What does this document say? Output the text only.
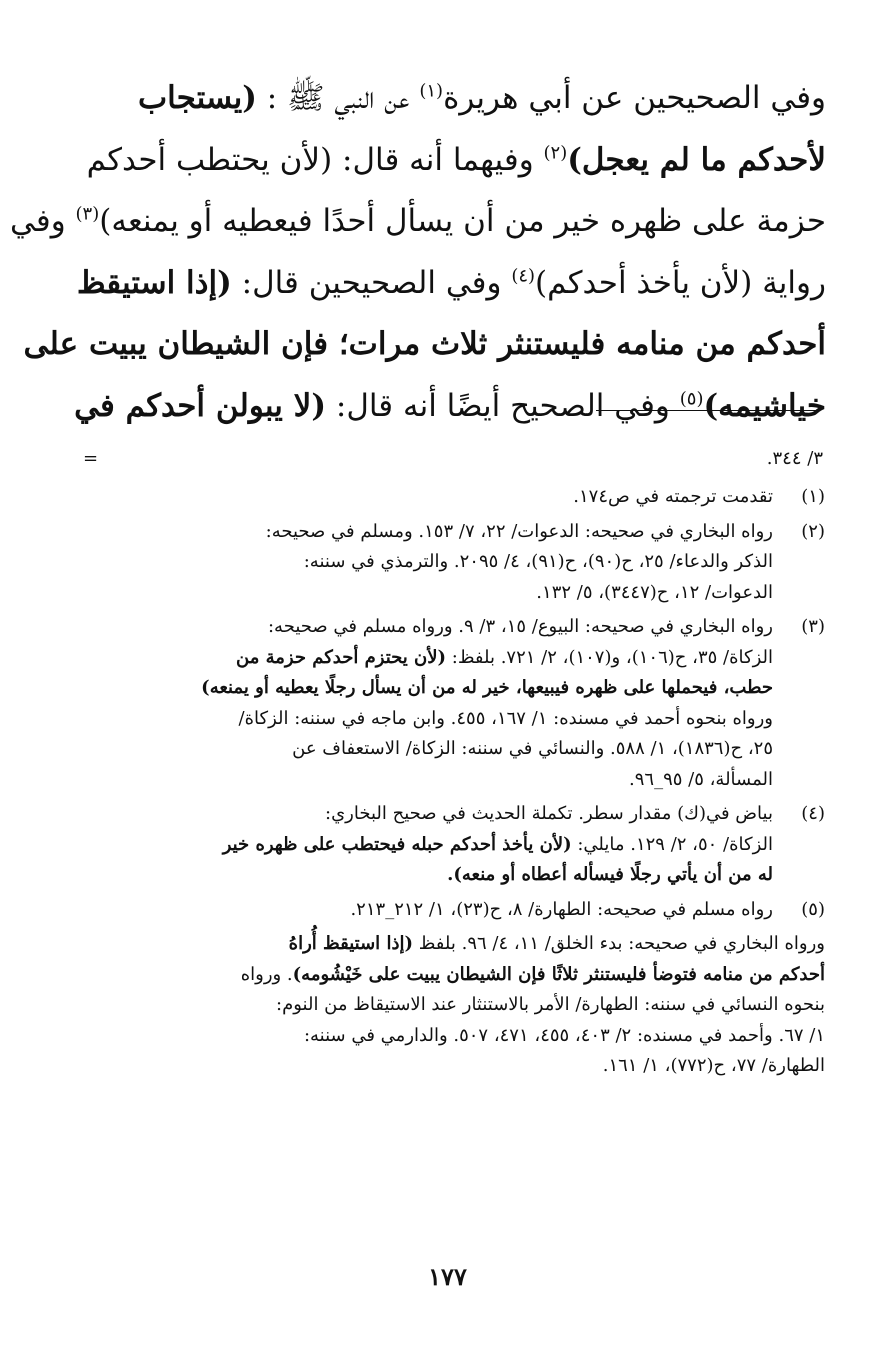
وفي الصحيحين عن أبي هريرة$^{(١)}$ عن النبي ﷺ : (يستجاب
لأحدكم ما لم يعجل)$^{(٢)}$ وفيهما أنه قال: (لأن يحتطب أحدكم
حزمة على ظهره خير من أن يسأل أحدًا فيعطيه أو يمنعه)$^{(٣)}$ وفي
رواية (لأن يأخذ أحدكم)$^{(٤)}$ وفي الصحيحين قال: (إذا استيقظ
أحدكم من منامه فليستنثر ثلاث مرات؛ فإن الشيطان يبيت على
خياشيمه)$^{(٥)}$ وفي الصحيح أيضًا أنه قال: (لا يبولن أحدكم في
٣/ ٣٤٤.
=
(١)
تقدمت ترجمته في ص١٧٤.
(٢)
رواه البخاري في صحيحه: الدعوات/ ٢٢، ٧/ ١٥٣. ومسلم في صحيحه:
الذكر والدعاء/ ٢٥، ح(٩٠)، ح(٩١)، ٤/ ٢٠٩٥. والترمذي في سننه:
الدعوات/ ١٢، ح(٣٤٤٧)، ٥/ ١٣٢.
(٣)
رواه البخاري في صحيحه: البيوع/ ١٥، ٣/ ٩. ورواه مسلم في صحيحه:
الزكاة/ ٣٥، ح(١٠٦)، و(١٠٧)، ٢/ ٧٢١. بلفظ: (لأن يحتزم أحدكم حزمة من
حطب، فيحملها على ظهره فيبيعها، خير له من أن يسأل رجلًا يعطيه أو يمنعه)
ورواه بنحوه أحمد في مسنده: ١/ ١٦٧، ٤٥٥. وابن ماجه في سننه: الزكاة/
٢٥، ح(١٨٣٦)، ١/ ٥٨٨. والنسائي في سننه: الزكاة/ الاستعفاف عن
المسألة، ٥/ ٩٥_٩٦.
(٤)
بياض في(ك) مقدار سطر. تكملة الحديث في صحيح البخاري:
الزكاة/ ٥٠، ٢/ ١٢٩. مايلي: (لأن يأخذ أحدكم حبله فيحتطب على ظهره خير
له من أن يأتي رجلًا فيسأله أعطاه أو منعه).
(٥)
رواه مسلم في صحيحه: الطهارة/ ٨، ح(٢٣)، ١/ ٢١٢_٢١٣.
ورواه البخاري في صحيحه: بدء الخلق/ ١١، ٤/ ٩٦. بلفظ (إذا استيقظ أُراهُ
أحدكم من منامه فتوضأ فليستنثر ثلاثًا فإن الشيطان يبيت على خَيْشُومه). ورواه
بنحوه النسائي في سننه: الطهارة/ الأمر بالاستنثار عند الاستيقاظ من النوم:
١/ ٦٧. وأحمد في مسنده: ٢/ ٤٠٣، ٤٥٥، ٤٧١، ٥٠٧. والدارمي في سننه:
الطهارة/ ٧٧، ح(٧٧٢)، ١/ ١٦١.
١٧٧
